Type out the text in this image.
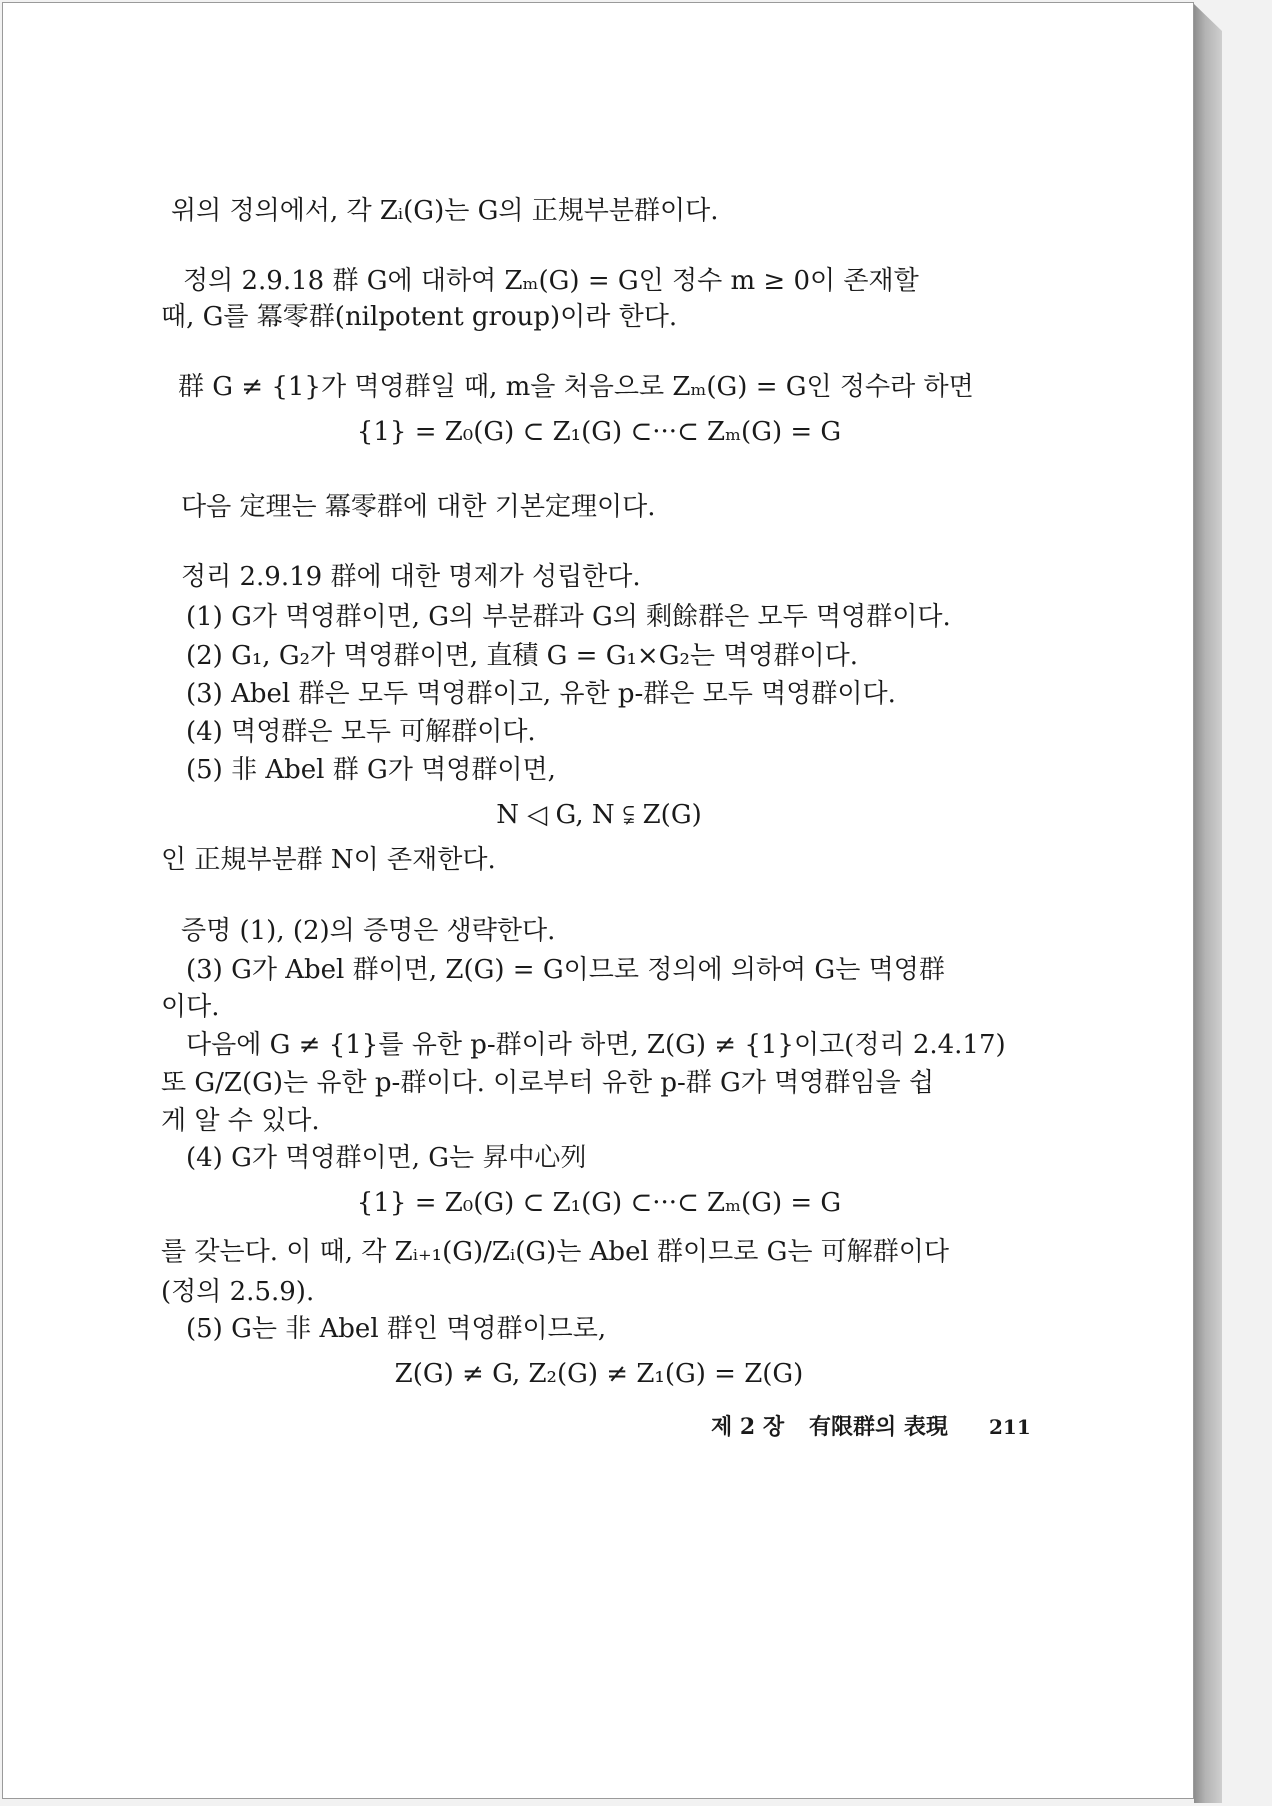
위의 정의에서, 각 Zᵢ(G)는 G의 正規부분群이다.
정의 2.9.18 群 G에 대하여 Zₘ(G) = G인 정수 m ≥ 0이 존재할
때, G를 冪零群(nilpotent group)이라 한다.
群 G ≠ {1}가 멱영群일 때, m을 처음으로 Zₘ(G) = G인 정수라 하면
{1} = Z₀(G) ⊂ Z₁(G) ⊂···⊂ Zₘ(G) = G
다음 定理는 冪零群에 대한 기본定理이다.
정리 2.9.19 群에 대한 명제가 성립한다.
(1) G가 멱영群이면, G의 부분群과 G의 剩餘群은 모두 멱영群이다.
(2) G₁, G₂가 멱영群이면, 直積 G = G₁×G₂는 멱영群이다.
(3) Abel 群은 모두 멱영群이고, 유한 p-群은 모두 멱영群이다.
(4) 멱영群은 모두 可解群이다.
(5) 非 Abel 群 G가 멱영群이면,
N ◁ G, N ⫋ Z(G)
인 正規부분群 N이 존재한다.
증명 (1), (2)의 증명은 생략한다.
(3) G가 Abel 群이면, Z(G) = G이므로 정의에 의하여 G는 멱영群
이다.
다음에 G ≠ {1}를 유한 p-群이라 하면, Z(G) ≠ {1}이고(정리 2.4.17)
또 G/Z(G)는 유한 p-群이다. 이로부터 유한 p-群 G가 멱영群임을 쉽
게 알 수 있다.
(4) G가 멱영群이면, G는 昇中心列
{1} = Z₀(G) ⊂ Z₁(G) ⊂···⊂ Zₘ(G) = G
를 갖는다. 이 때, 각 Zᵢ₊₁(G)/Zᵢ(G)는 Abel 群이므로 G는 可解群이다
(정의 2.5.9).
(5) G는 非 Abel 群인 멱영群이므로,
Z(G) ≠ G, Z₂(G) ≠ Z₁(G) = Z(G)
제 2 장 有限群의 表現 211
